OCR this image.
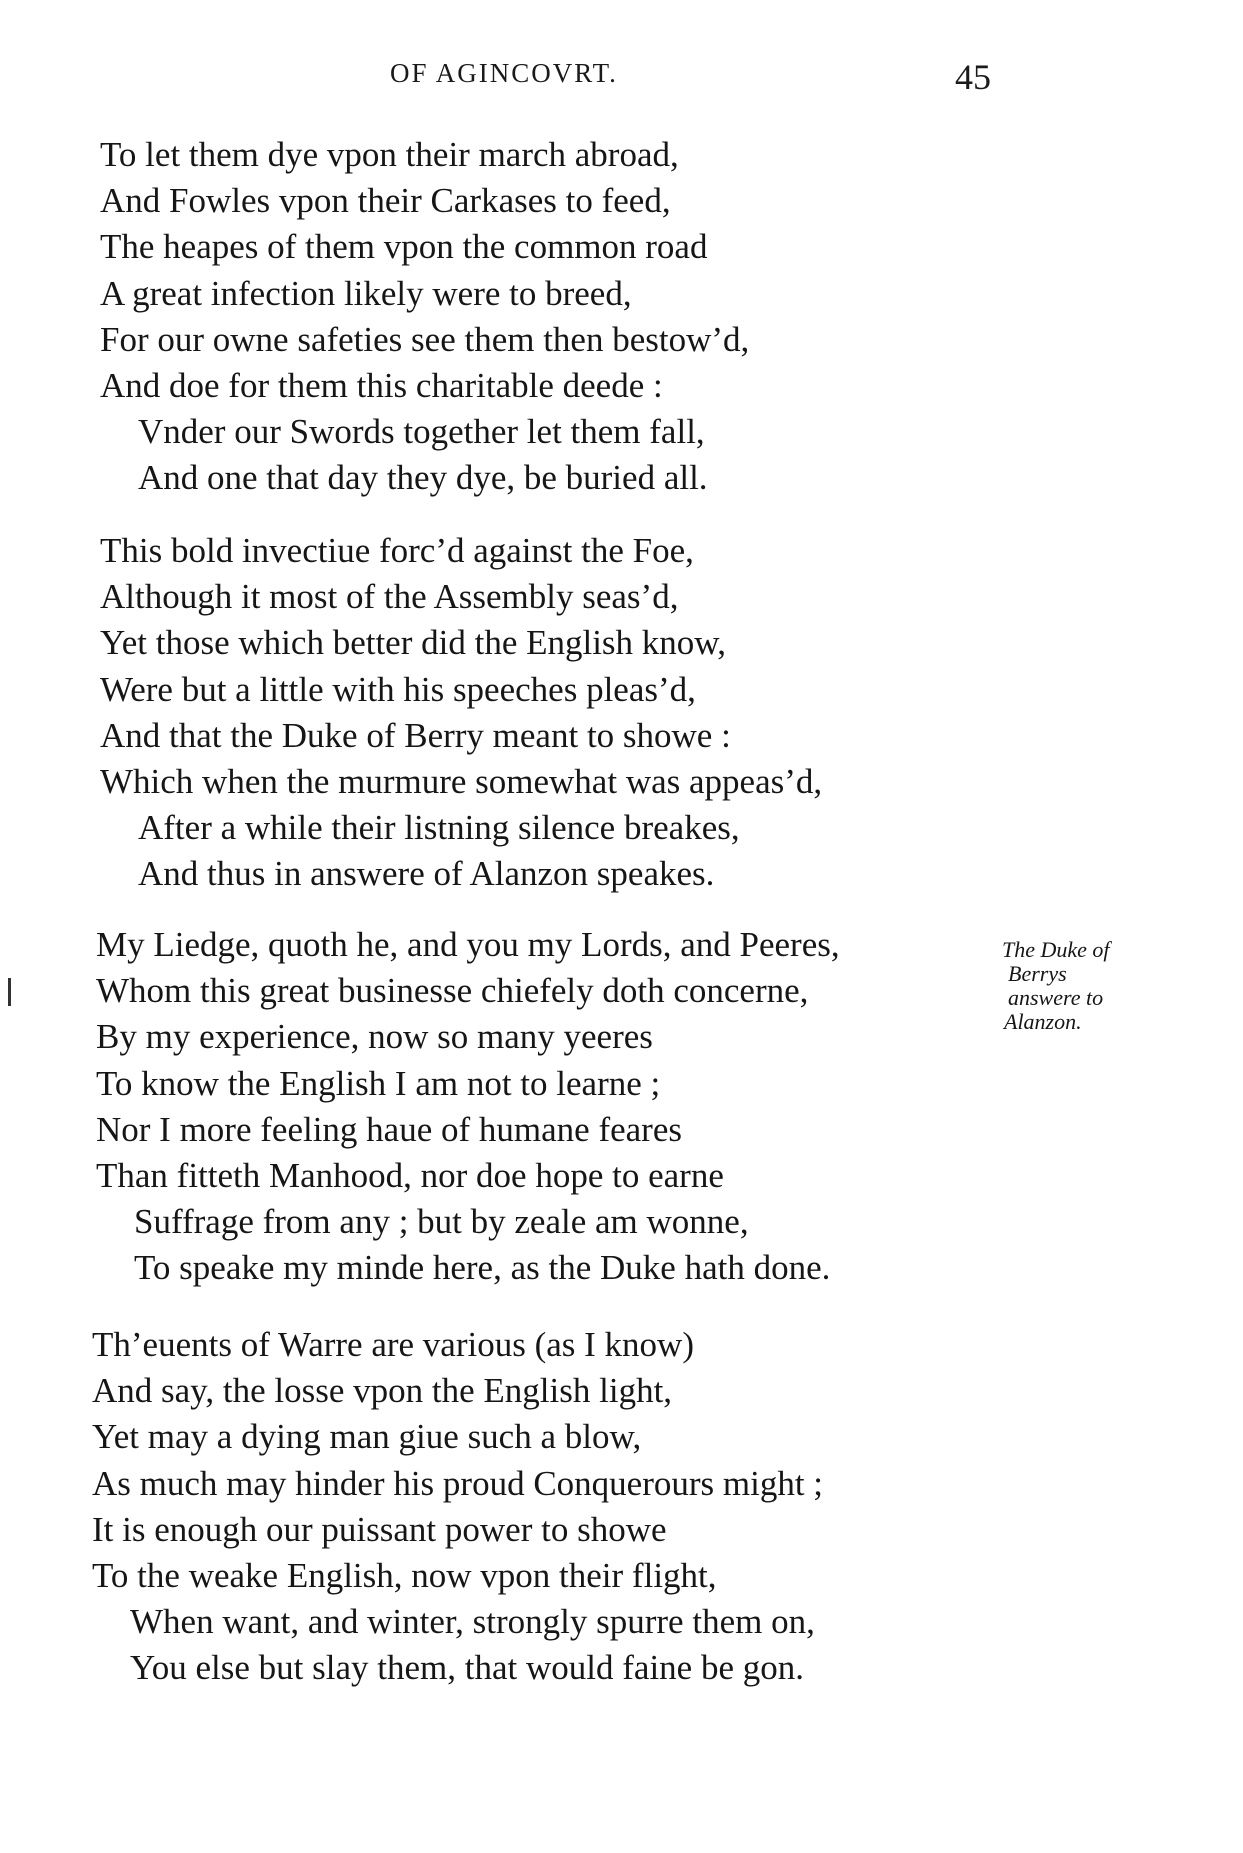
OF AGINCOVRT.	45
To let them dye vpon their march abroad,
And Fowles vpon their Carkases to feed,
The heapes of them vpon the common road
A great infection likely were to breed,
For our owne safeties see them then bestow’d,
And doe for them this charitable deede :
Vnder our Swords together let them fall,
And one that day they dye, be buried all.
This bold invectiue forc’d against the Foe,
Although it most of the Assembly seas’d,
Yet those which better did the English know,
Were but a little with his speeches pleas’d,
And that the Duke of Berry meant to showe :
Which when the murmure somewhat was appeas’d,
After a while their listning silence breakes,
And thus in answere of Alanzon speakes.
My Liedge, quoth he, and you my Lords, and Peeres,
Whom this great businesse chiefely doth concerne,
By my experience, now so many yeeres
To know the English I am not to learne ;
Nor I more feeling haue of humane feares
Than fitteth Manhood, nor doe hope to earne
Suffrage from any ; but by zeale am wonne,
To speake my minde here, as the Duke hath done.
The Duke of
Berrys
answere to
Alanzon.
Th’euents of Warre are various (as I know)
And say, the losse vpon the English light,
Yet may a dying man giue such a blow,
As much may hinder his proud Conquerours might ;
It is enough our puissant power to showe
To the weake English, now vpon their flight,
When want, and winter, strongly spurre them on,
You else but slay them, that would faine be gon.
